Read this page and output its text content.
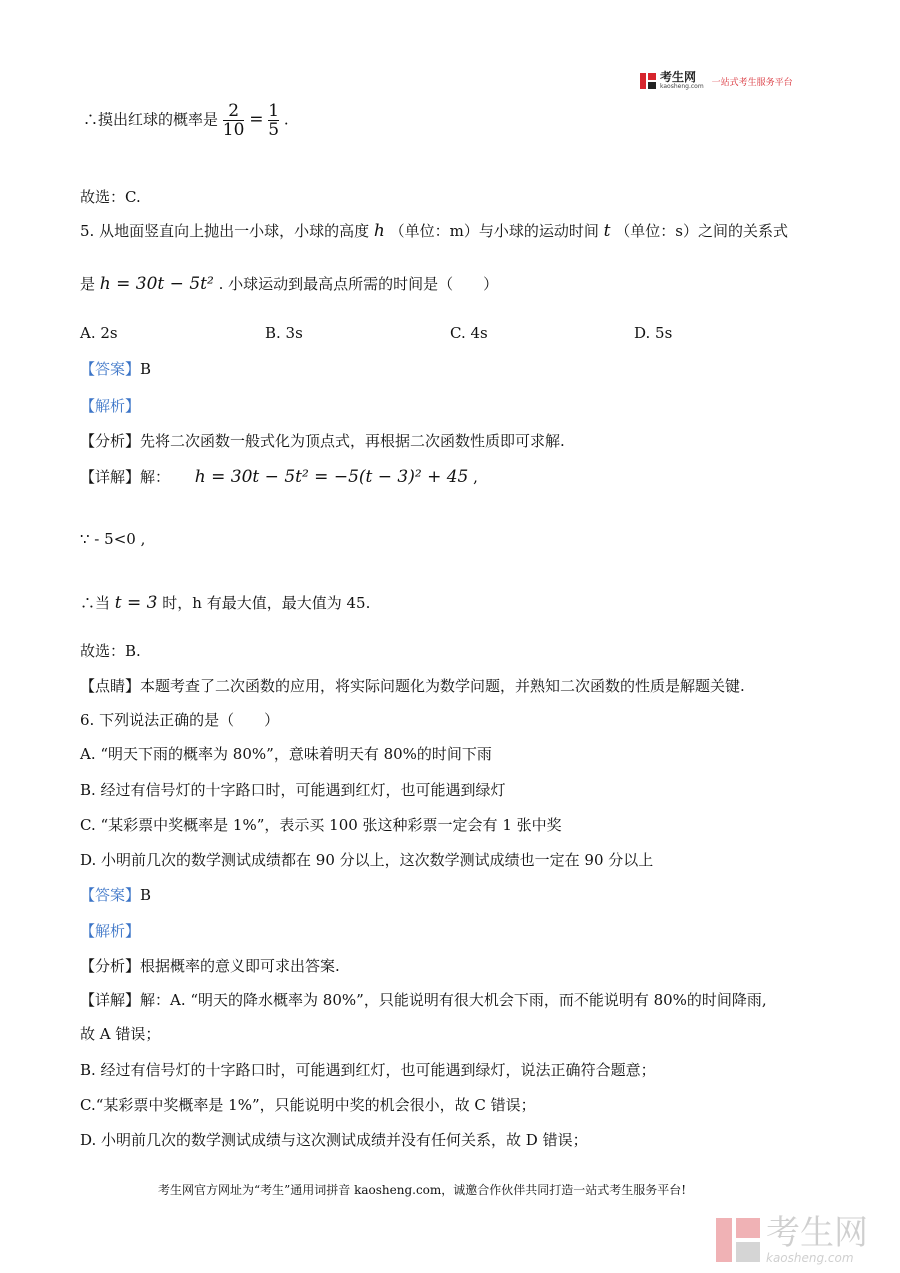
考生网
kaosheng.com 一站式考生服务平台
∴摸出红球的概率是 $\frac{2}{10} = \frac{1}{5}$ .
故选：C.
5. 从地面竖直向上抛出一小球，小球的高度 h （单位：m）与小球的运动时间 t （单位：s）之间的关系式
是 h = 30t − 5t² . 小球运动到最高点所需的时间是（　　）
A. 2s	B. 3s	C. 4s	D. 5s
【答案】B
【解析】
【分析】先将二次函数一般式化为顶点式，再根据二次函数性质即可求解.
【详解】解： h = 30t − 5t² = −5(t − 3)² + 45 ,
∵ - 5<0 ,
∴当 t = 3 时，h 有最大值，最大值为 45.
故选：B.
【点睛】本题考查了二次函数的应用，将实际问题化为数学问题，并熟知二次函数的性质是解题关键.
6. 下列说法正确的是（　　）
A. “明天下雨的概率为 80%”，意味着明天有 80%的时间下雨
B. 经过有信号灯的十字路口时，可能遇到红灯，也可能遇到绿灯
C. “某彩票中奖概率是 1%”，表示买 100 张这种彩票一定会有 1 张中奖
D. 小明前几次的数学测试成绩都在 90 分以上，这次数学测试成绩也一定在 90 分以上
【答案】B
【解析】
【分析】根据概率的意义即可求出答案.
【详解】解：A. “明天的降水概率为 80%”，只能说明有很大机会下雨，而不能说明有 80%的时间降雨,
故 A 错误；
B. 经过有信号灯的十字路口时，可能遇到红灯，也可能遇到绿灯，说法正确符合题意；
C.“某彩票中奖概率是 1%”，只能说明中奖的机会很小，故 C 错误；
D. 小明前几次的数学测试成绩与这次测试成绩并没有任何关系，故 D 错误；
考生网官方网址为“考生”通用词拼音 kaosheng.com，诚邀合作伙伴共同打造一站式考生服务平台!
考生网
kaosheng.com
